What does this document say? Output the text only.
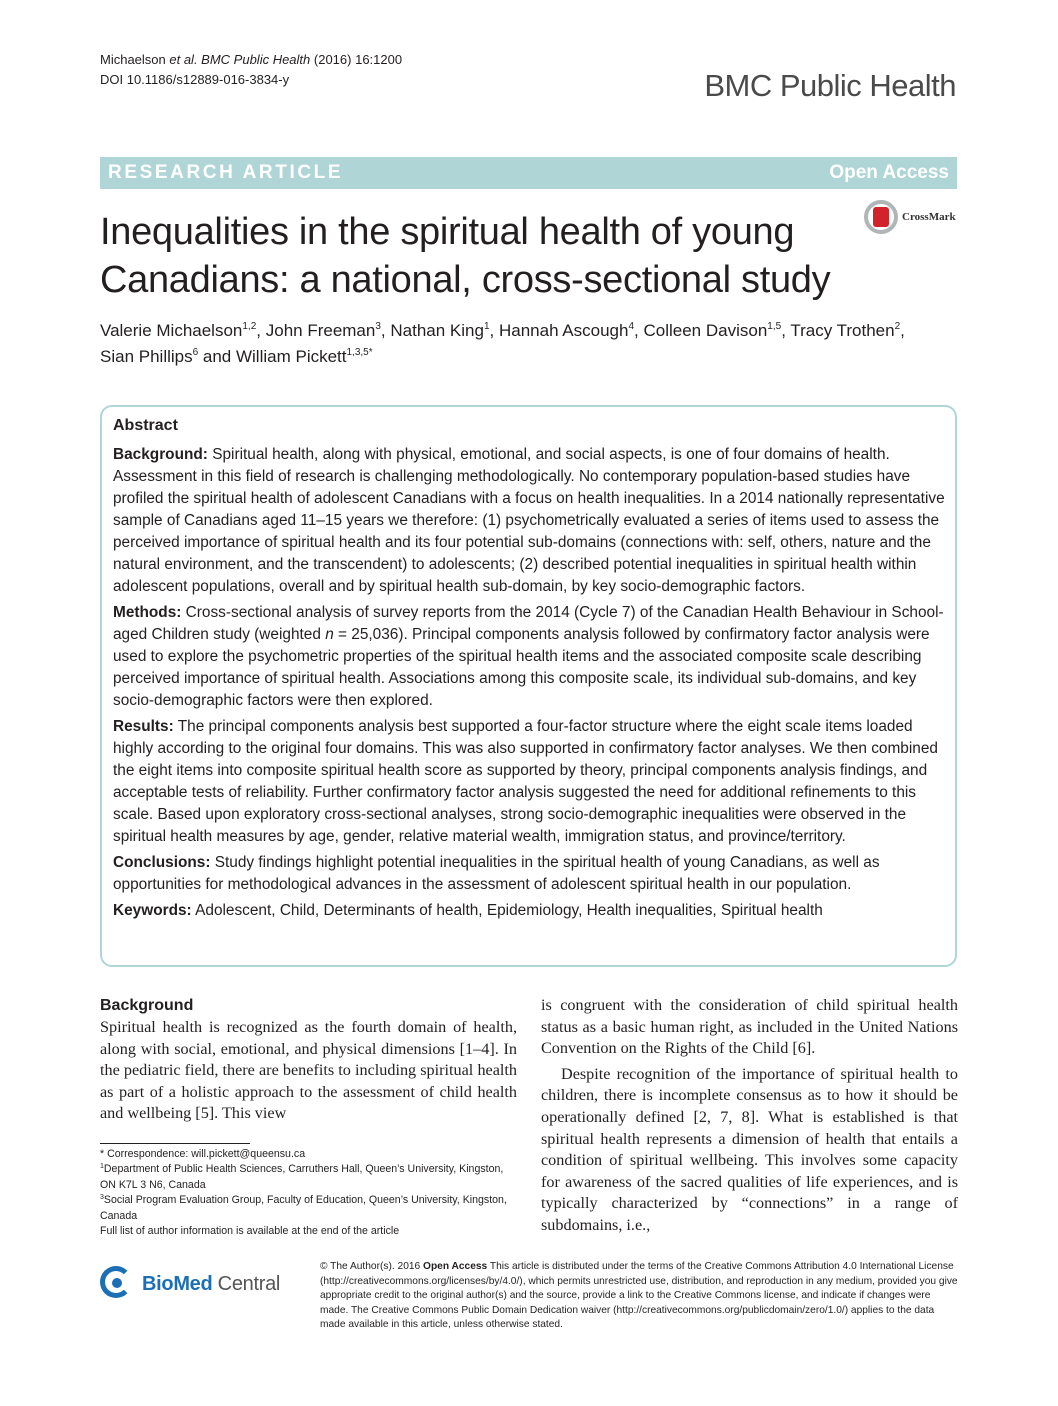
Michaelson et al. BMC Public Health (2016) 16:1200
DOI 10.1186/s12889-016-3834-y	BMC Public Health
RESEARCH ARTICLE	Open Access
Inequalities in the spiritual health of young Canadians: a national, cross-sectional study
CrossMark
Valerie Michaelson$^{1,2}$, John Freeman$^3$, Nathan King$^1$, Hannah Ascough$^4$, Colleen Davison$^{1,5}$, Tracy Trothen$^2$,
Sian Phillips$^6$ and William Pickett$^{1,3,5*}$
Abstract

Background: Spiritual health, along with physical, emotional, and social aspects, is one of four domains of health. Assessment in this field of research is challenging methodologically. No contemporary population-based studies have profiled the spiritual health of adolescent Canadians with a focus on health inequalities. In a 2014 nationally representative sample of Canadians aged 11–15 years we therefore: (1) psychometrically evaluated a series of items used to assess the perceived importance of spiritual health and its four potential sub-domains (connections with: self, others, nature and the natural environment, and the transcendent) to adolescents; (2) described potential inequalities in spiritual health within adolescent populations, overall and by spiritual health sub-domain, by key socio-demographic factors.

Methods: Cross-sectional analysis of survey reports from the 2014 (Cycle 7) of the Canadian Health Behaviour in School-aged Children study (weighted n = 25,036). Principal components analysis followed by confirmatory factor analysis were used to explore the psychometric properties of the spiritual health items and the associated composite scale describing perceived importance of spiritual health. Associations among this composite scale, its individual sub-domains, and key socio-demographic factors were then explored.

Results: The principal components analysis best supported a four-factor structure where the eight scale items loaded highly according to the original four domains. This was also supported in confirmatory factor analyses. We then combined the eight items into composite spiritual health score as supported by theory, principal components analysis findings, and acceptable tests of reliability. Further confirmatory factor analysis suggested the need for additional refinements to this scale. Based upon exploratory cross-sectional analyses, strong socio-demographic inequalities were observed in the spiritual health measures by age, gender, relative material wealth, immigration status, and province/territory.

Conclusions: Study findings highlight potential inequalities in the spiritual health of young Canadians, as well as opportunities for methodological advances in the assessment of adolescent spiritual health in our population.

Keywords: Adolescent, Child, Determinants of health, Epidemiology, Health inequalities, Spiritual health

Background
Spiritual health is recognized as the fourth domain of health, along with social, emotional, and physical dimensions [1–4]. In the pediatric field, there are benefits to including spiritual health as part of a holistic approach to the assessment of child health and wellbeing [5]. This view
is congruent with the consideration of child spiritual health status as a basic human right, as included in the United Nations Convention on the Rights of the Child [6].
Despite recognition of the importance of spiritual health to children, there is incomplete consensus as to how it should be operationally defined [2, 7, 8]. What is established is that spiritual health represents a dimension of health that entails a condition of spiritual wellbeing. This involves some capacity for awareness of the sacred qualities of life experiences, and is typically characterized by “connections” in a range of subdomains, i.e.,
* Correspondence: will.pickett@queensu.ca
$^1$Department of Public Health Sciences, Carruthers Hall, Queen’s University, Kingston, ON K7L 3 N6, Canada
$^3$Social Program Evaluation Group, Faculty of Education, Queen’s University, Kingston, Canada
Full list of author information is available at the end of the article
BioMed Central
© The Author(s). 2016 Open Access This article is distributed under the terms of the Creative Commons Attribution 4.0 International License (http://creativecommons.org/licenses/by/4.0/), which permits unrestricted use, distribution, and reproduction in any medium, provided you give appropriate credit to the original author(s) and the source, provide a link to the Creative Commons license, and indicate if changes were made. The Creative Commons Public Domain Dedication waiver (http://creativecommons.org/publicdomain/zero/1.0/) applies to the data made available in this article, unless otherwise stated.
